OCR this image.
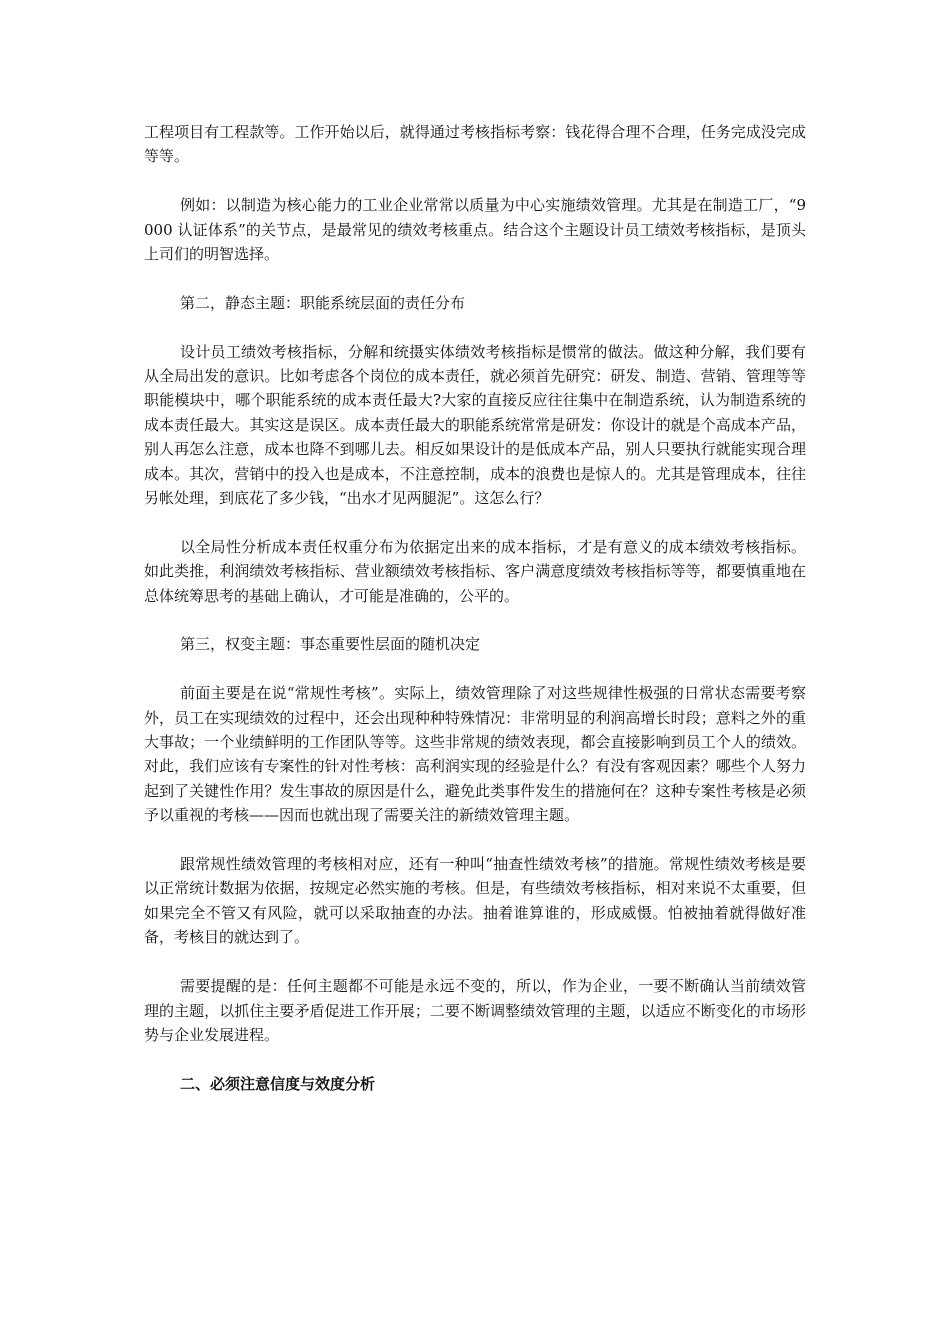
工程项目有工程款等。工作开始以后，就得通过考核指标考察：钱花得合理不合理，任务完成没完成等等。

例如：以制造为核心能力的工业企业常常以质量为中心实施绩效管理。尤其是在制造工厂，“9000 认证体系”的关节点，是最常见的绩效考核重点。结合这个主题设计员工绩效考核指标，是顶头上司们的明智选择。

第二，静态主题：职能系统层面的责任分布

设计员工绩效考核指标，分解和统摄实体绩效考核指标是惯常的做法。做这种分解，我们要有从全局出发的意识。比如考虑各个岗位的成本责任，就必须首先研究：研发、制造、营销、管理等等职能模块中，哪个职能系统的成本责任最大?大家的直接反应往往集中在制造系统，认为制造系统的成本责任最大。其实这是误区。成本责任最大的职能系统常常是研发：你设计的就是个高成本产品，别人再怎么注意，成本也降不到哪儿去。相反如果设计的是低成本产品，别人只要执行就能实现合理成本。其次，营销中的投入也是成本，不注意控制，成本的浪费也是惊人的。尤其是管理成本，往往另帐处理，到底花了多少钱，“出水才见两腿泥”。这怎么行？

以全局性分析成本责任权重分布为依据定出来的成本指标，才是有意义的成本绩效考核指标。如此类推，利润绩效考核指标、营业额绩效考核指标、客户满意度绩效考核指标等等，都要慎重地在总体统筹思考的基础上确认，才可能是准确的，公平的。

第三，权变主题：事态重要性层面的随机决定

前面主要是在说“常规性考核”。实际上，绩效管理除了对这些规律性极强的日常状态需要考察外，员工在实现绩效的过程中，还会出现种种特殊情况：非常明显的利润高增长时段；意料之外的重大事故；一个业绩鲜明的工作团队等等。这些非常规的绩效表现，都会直接影响到员工个人的绩效。对此，我们应该有专案性的针对性考核：高利润实现的经验是什么？有没有客观因素？哪些个人努力起到了关键性作用？发生事故的原因是什么，避免此类事件发生的措施何在？这种专案性考核是必须予以重视的考核——因而也就出现了需要关注的新绩效管理主题。

跟常规性绩效管理的考核相对应，还有一种叫“抽查性绩效考核”的措施。常规性绩效考核是要以正常统计数据为依据，按规定必然实施的考核。但是，有些绩效考核指标，相对来说不太重要，但如果完全不管又有风险，就可以采取抽查的办法。抽着谁算谁的，形成威慑。怕被抽着就得做好准备，考核目的就达到了。

需要提醒的是：任何主题都不可能是永远不变的，所以，作为企业，一要不断确认当前绩效管理的主题，以抓住主要矛盾促进工作开展；二要不断调整绩效管理的主题，以适应不断变化的市场形势与企业发展进程。

二、必须注意信度与效度分析
